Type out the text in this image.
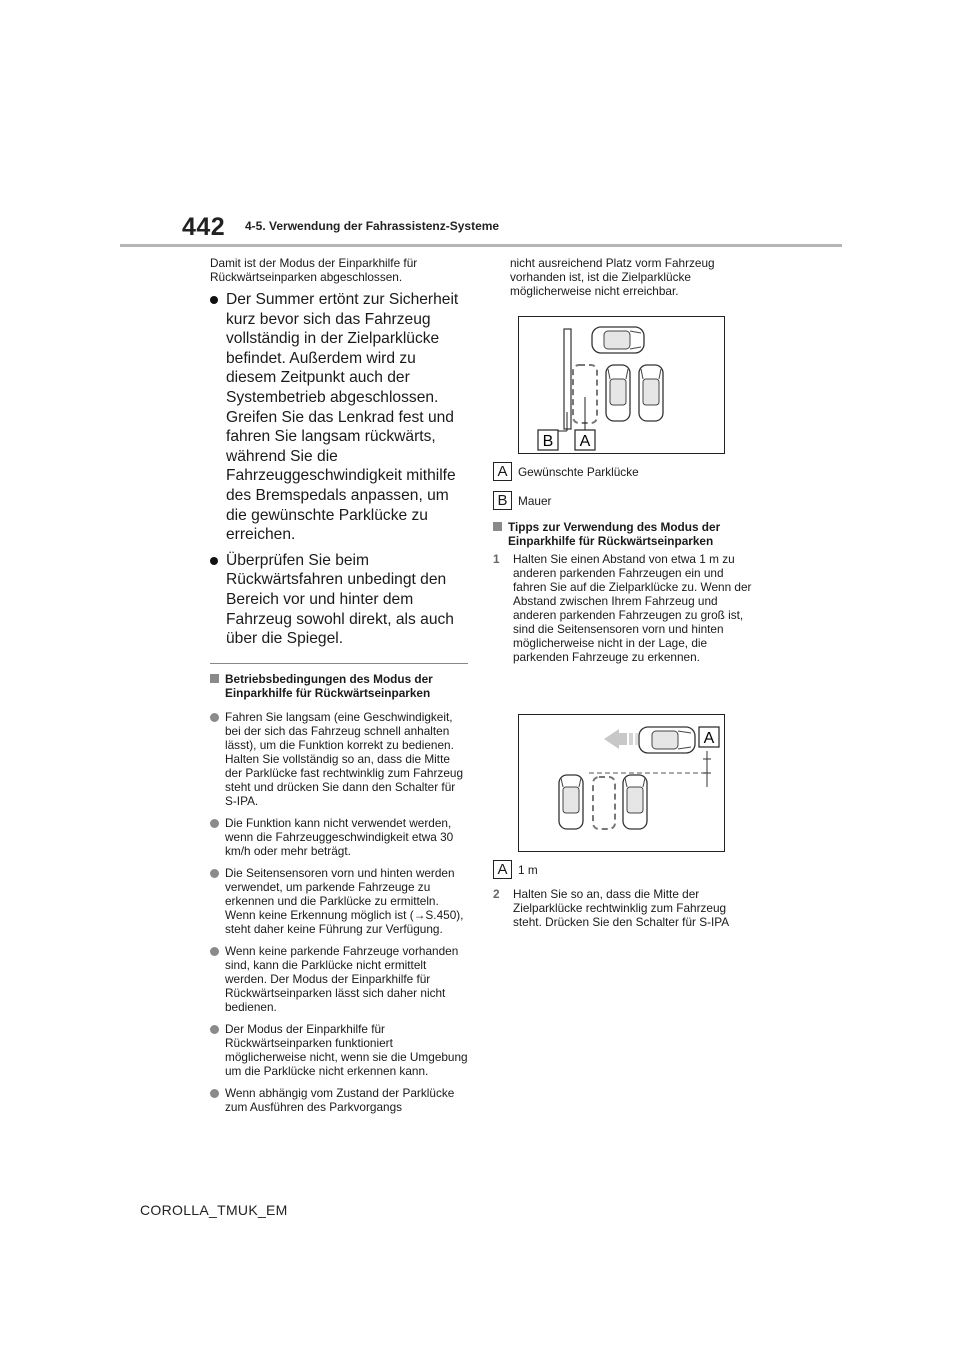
442 4-5. Verwendung der Fahrassistenz-Systeme

Damit ist der Modus der Einparkhilfe für Rückwärtseinparken abgeschlossen.

Der Summer ertönt zur Sicherheit kurz bevor sich das Fahrzeug vollständig in der Zielparklücke befindet. Außerdem wird zu diesem Zeitpunkt auch der Systembetrieb abgeschlossen. Greifen Sie das Lenkrad fest und fahren Sie langsam rückwärts, während Sie die Fahrzeuggeschwindigkeit mithilfe des Bremspedals anpassen, um die gewünschte Parklücke zu erreichen.
Überprüfen Sie beim Rückwärtsfahren unbedingt den Bereich vor und hinter dem Fahrzeug sowohl direkt, als auch über die Spiegel.
Betriebsbedingungen des Modus der Einparkhilfe für Rückwärtseinparken
Fahren Sie langsam (eine Geschwindigkeit, bei der sich das Fahrzeug schnell anhalten lässt), um die Funktion korrekt zu bedienen. Halten Sie vollständig so an, dass die Mitte der Parklücke fast rechtwinklig zum Fahrzeug steht und drücken Sie dann den Schalter für S-IPA.
Die Funktion kann nicht verwendet werden, wenn die Fahrzeuggeschwindigkeit etwa 30 km/h oder mehr beträgt.
Die Seitensensoren vorn und hinten werden verwendet, um parkende Fahrzeuge zu erkennen und die Parklücke zu ermitteln. Wenn keine Erkennung möglich ist (→S.450), steht daher keine Führung zur Verfügung.
Wenn keine parkende Fahrzeuge vorhanden sind, kann die Parklücke nicht ermittelt werden. Der Modus der Einparkhilfe für Rückwärtseinparken lässt sich daher nicht bedienen.
Der Modus der Einparkhilfe für Rückwärtseinparken funktioniert möglicherweise nicht, wenn sie die Umgebung um die Parklücke nicht erkennen kann.
Wenn abhängig vom Zustand der Parklücke zum Ausführen des Parkvorgangs

nicht ausreichend Platz vorm Fahrzeug vorhanden ist, ist die Zielparklücke möglicherweise nicht erreichbar.

B A
A Gewünschte Parklücke
B Mauer
Tipps zur Verwendung des Modus der Einparkhilfe für Rückwärtseinparken
1 Halten Sie einen Abstand von etwa 1 m zu anderen parkenden Fahrzeugen ein und fahren Sie auf die Zielparklücke zu. Wenn der Abstand zwischen Ihrem Fahrzeug und anderen parkenden Fahrzeugen zu groß ist, sind die Seitensensoren vorn und hinten möglicherweise nicht in der Lage, die parkenden Fahrzeuge zu erkennen.
A
A 1 m
2 Halten Sie so an, dass die Mitte der Zielparklücke rechtwinklig zum Fahrzeug steht. Drücken Sie den Schalter für S-IPA
COROLLA_TMUK_EM
